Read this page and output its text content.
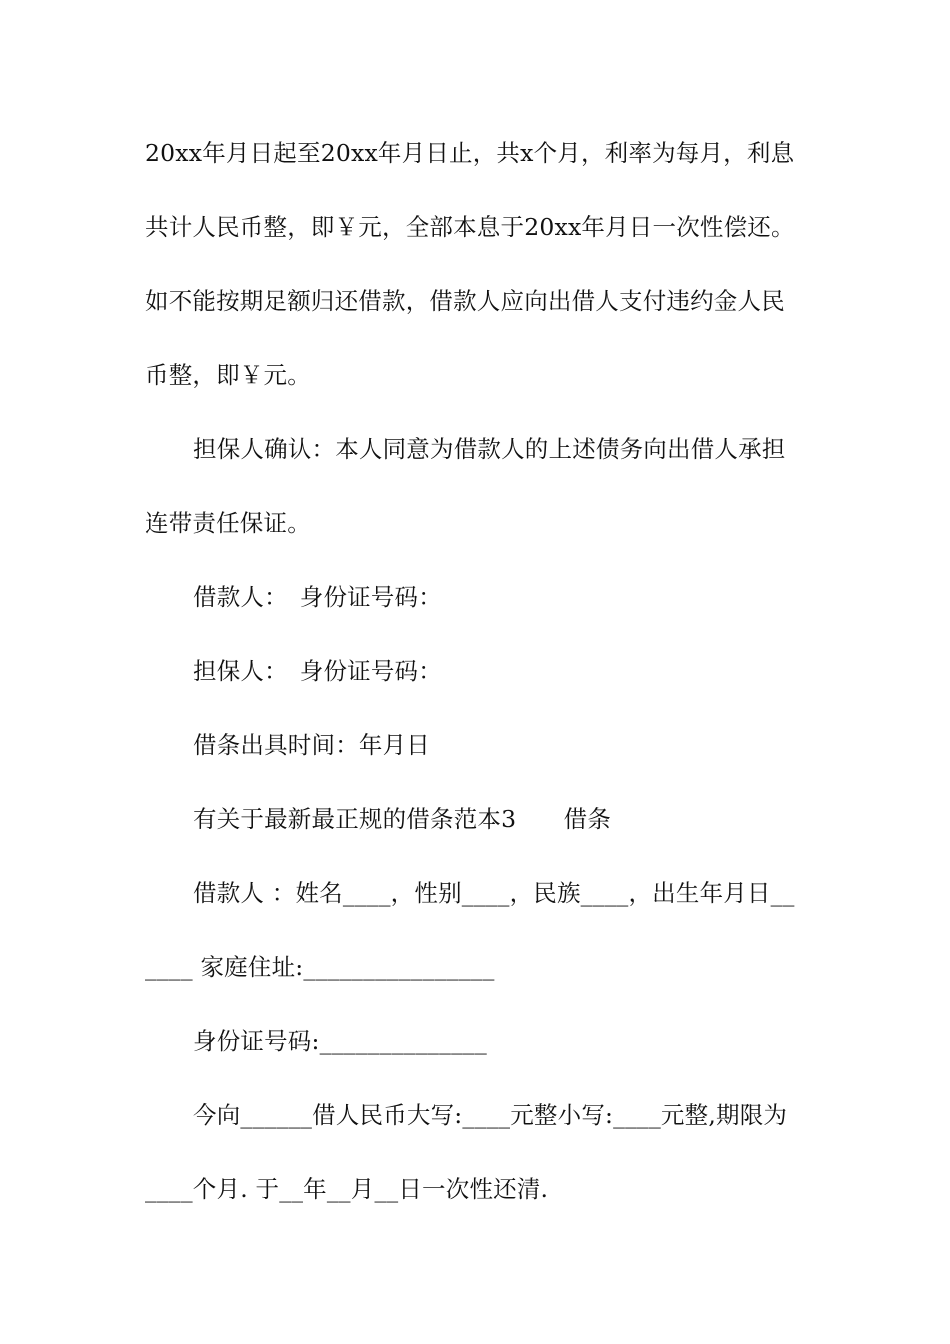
20xx年月日起至20xx年月日止，共x个月，利率为每月，利息
共计人民币整，即￥元，全部本息于20xx年月日一次性偿还。
如不能按期足额归还借款，借款人应向出借人支付违约金人民
币整，即￥元。
担保人确认：本人同意为借款人的上述债务向出借人承担
连带责任保证。
借款人：　身份证号码：
担保人：　身份证号码：
借条出具时间：年月日
有关于最新最正规的借条范本3　　借条
借款人 ：姓名____，性别____，民族____，出生年月日__
____ 家庭住址:________________
身份证号码:______________
今向______借人民币大写:____元整小写:____元整,期限为
____个月. 于__年__月__日一次性还清.
